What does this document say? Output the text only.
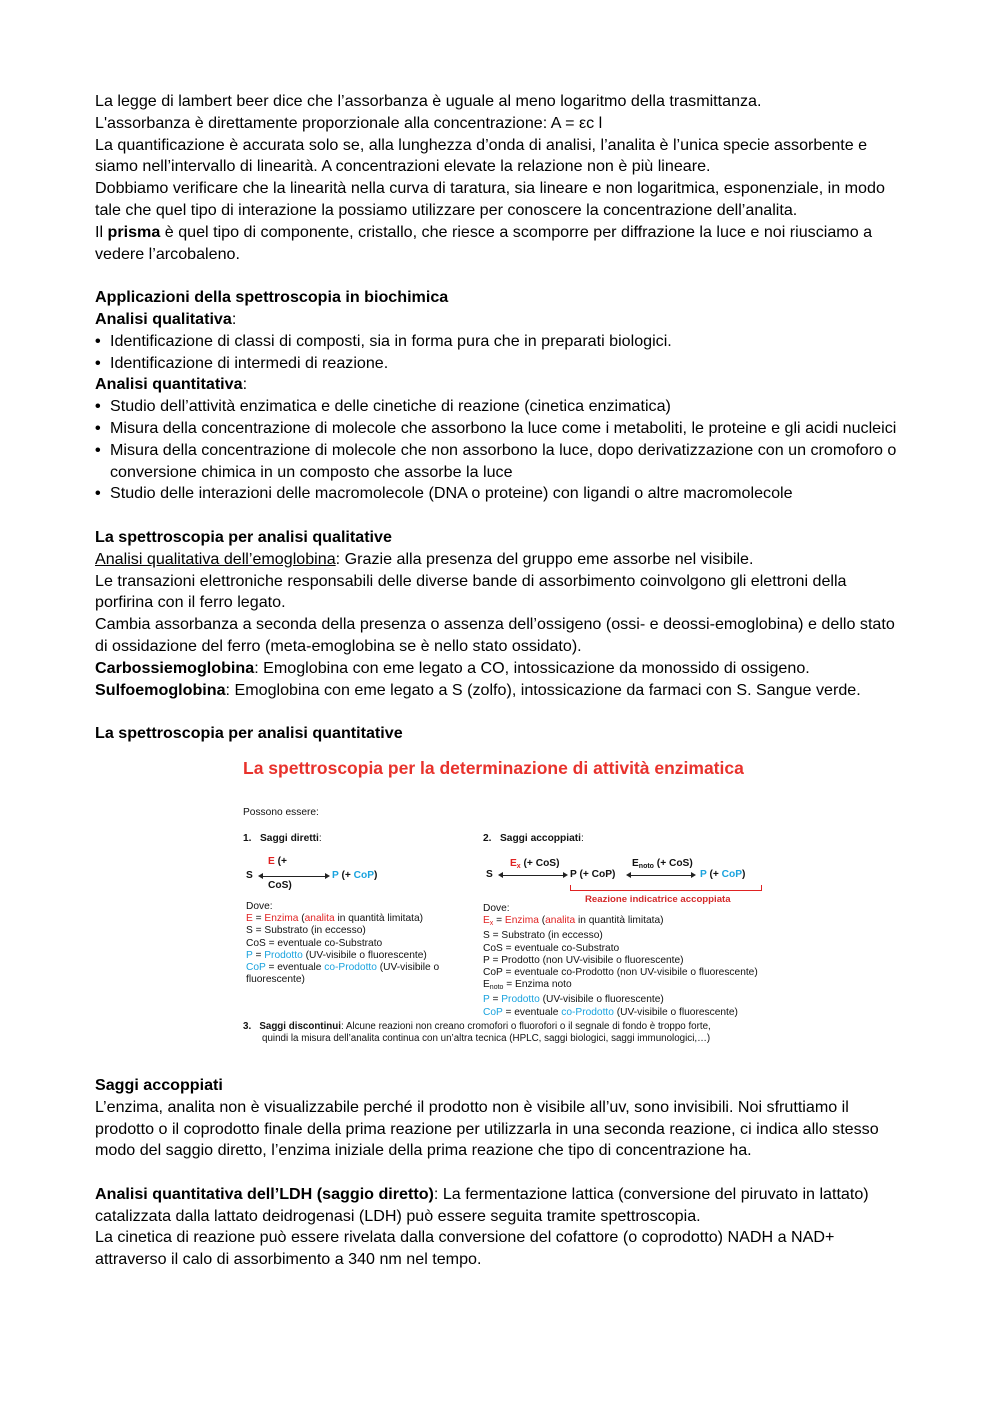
La legge di lambert beer dice che l’assorbanza è uguale al meno logaritmo della trasmittanza.

L'assorbanza è direttamente proporzionale alla concentrazione: A = εc l

La quantificazione è accurata solo se, alla lunghezza d’onda di analisi, l’analita è l’unica specie assorbente e siamo nell’intervallo di linearità. A concentrazioni elevate la relazione non è più lineare.

Dobbiamo verificare che la linearità nella curva di taratura, sia lineare e non logaritmica, esponenziale, in modo tale che quel tipo di interazione la possiamo utilizzare per conoscere la concentrazione dell’analita.

Il prisma è quel tipo di componente, cristallo, che riesce a scomporre per diffrazione la luce e noi riusciamo a vedere l’arcobaleno.

Applicazioni della spettroscopia in biochimica

Analisi qualitativa:

• Identificazione di classi di composti, sia in forma pura che in preparati biologici.
• Identificazione di intermedi di reazione.

Analisi quantitativa:

• Studio dell’attività enzimatica e delle cinetiche di reazione (cinetica enzimatica)
• Misura della concentrazione di molecole che assorbono la luce come i metaboliti, le proteine e gli acidi nucleici
• Misura della concentrazione di molecole che non assorbono la luce, dopo derivatizzazione con un cromoforo o conversione chimica in un composto che assorbe la luce
• Studio delle interazioni delle macromolecole (DNA o proteine) con ligandi o altre macromolecole

La spettroscopia per analisi qualitative

Analisi qualitativa dell’emoglobina: Grazie alla presenza del gruppo eme assorbe nel visibile.

Le transazioni elettroniche responsabili delle diverse bande di assorbimento coinvolgono gli elettroni della porfirina con il ferro legato.

Cambia assorbanza a seconda della presenza o assenza dell’ossigeno (ossi- e deossi-emoglobina) e dello stato di ossidazione del ferro (meta-emoglobina se è nello stato ossidato).

Carbossiemoglobina: Emoglobina con eme legato a CO, intossicazione da monossido di ossigeno.

Sulfoemoglobina: Emoglobina con eme legato a S (zolfo), intossicazione da farmaci con S. Sangue verde.

La spettroscopia per analisi quantitative

La spettroscopia per la determinazione di attività enzimatica
Possono essere:
1. Saggi diretti:
S
E (+
CoS)
P (+ CoP)
Dove:
E = Enzima (analita in quantità limitata)
S = Substrato (in eccesso)
CoS = eventuale co-Substrato
P = Prodotto (UV-visibile o fluorescente)
CoP = eventuale co-Prodotto (UV-visibile o
fluorescente)
2. Saggi accoppiati:
S
$E_x$ (+ CoS)
P (+ CoP)
$E_{noto}$ (+ CoS)
P (+ CoP)
Reazione indicatrice accoppiata
Dove:
$E_x$ = Enzima (analita in quantità limitata)
S = Substrato (in eccesso)
CoS = eventuale co-Substrato
P = Prodotto (non UV-visibile o fluorescente)
CoP = eventuale co-Prodotto (non UV-visibile o fluorescente)
$E_{noto}$ = Enzima noto
P = Prodotto (UV-visibile o fluorescente)
CoP = eventuale co-Prodotto (UV-visibile o fluorescente)
3. Saggi discontinui: Alcune reazioni non creano cromofori o fluorofori o il segnale di fondo è troppo forte,
quindi la misura dell’analita continua con un’altra tecnica (HPLC, saggi biologici, saggi immunologici,…)

Saggi accoppiati

L’enzima, analita non è visualizzabile perché il prodotto non è visibile all’uv, sono invisibili. Noi sfruttiamo il prodotto o il coprodotto finale della prima reazione per utilizzarla in una seconda reazione, ci indica allo stesso modo del saggio diretto, l’enzima iniziale della prima reazione che tipo di concentrazione ha.

Analisi quantitativa dell’LDH (saggio diretto): La fermentazione lattica (conversione del piruvato in lattato) catalizzata dalla lattato deidrogenasi (LDH) può essere seguita tramite spettroscopia.

La cinetica di reazione può essere rivelata dalla conversione del cofattore (o coprodotto) NADH a NAD+ attraverso il calo di assorbimento a 340 nm nel tempo.
